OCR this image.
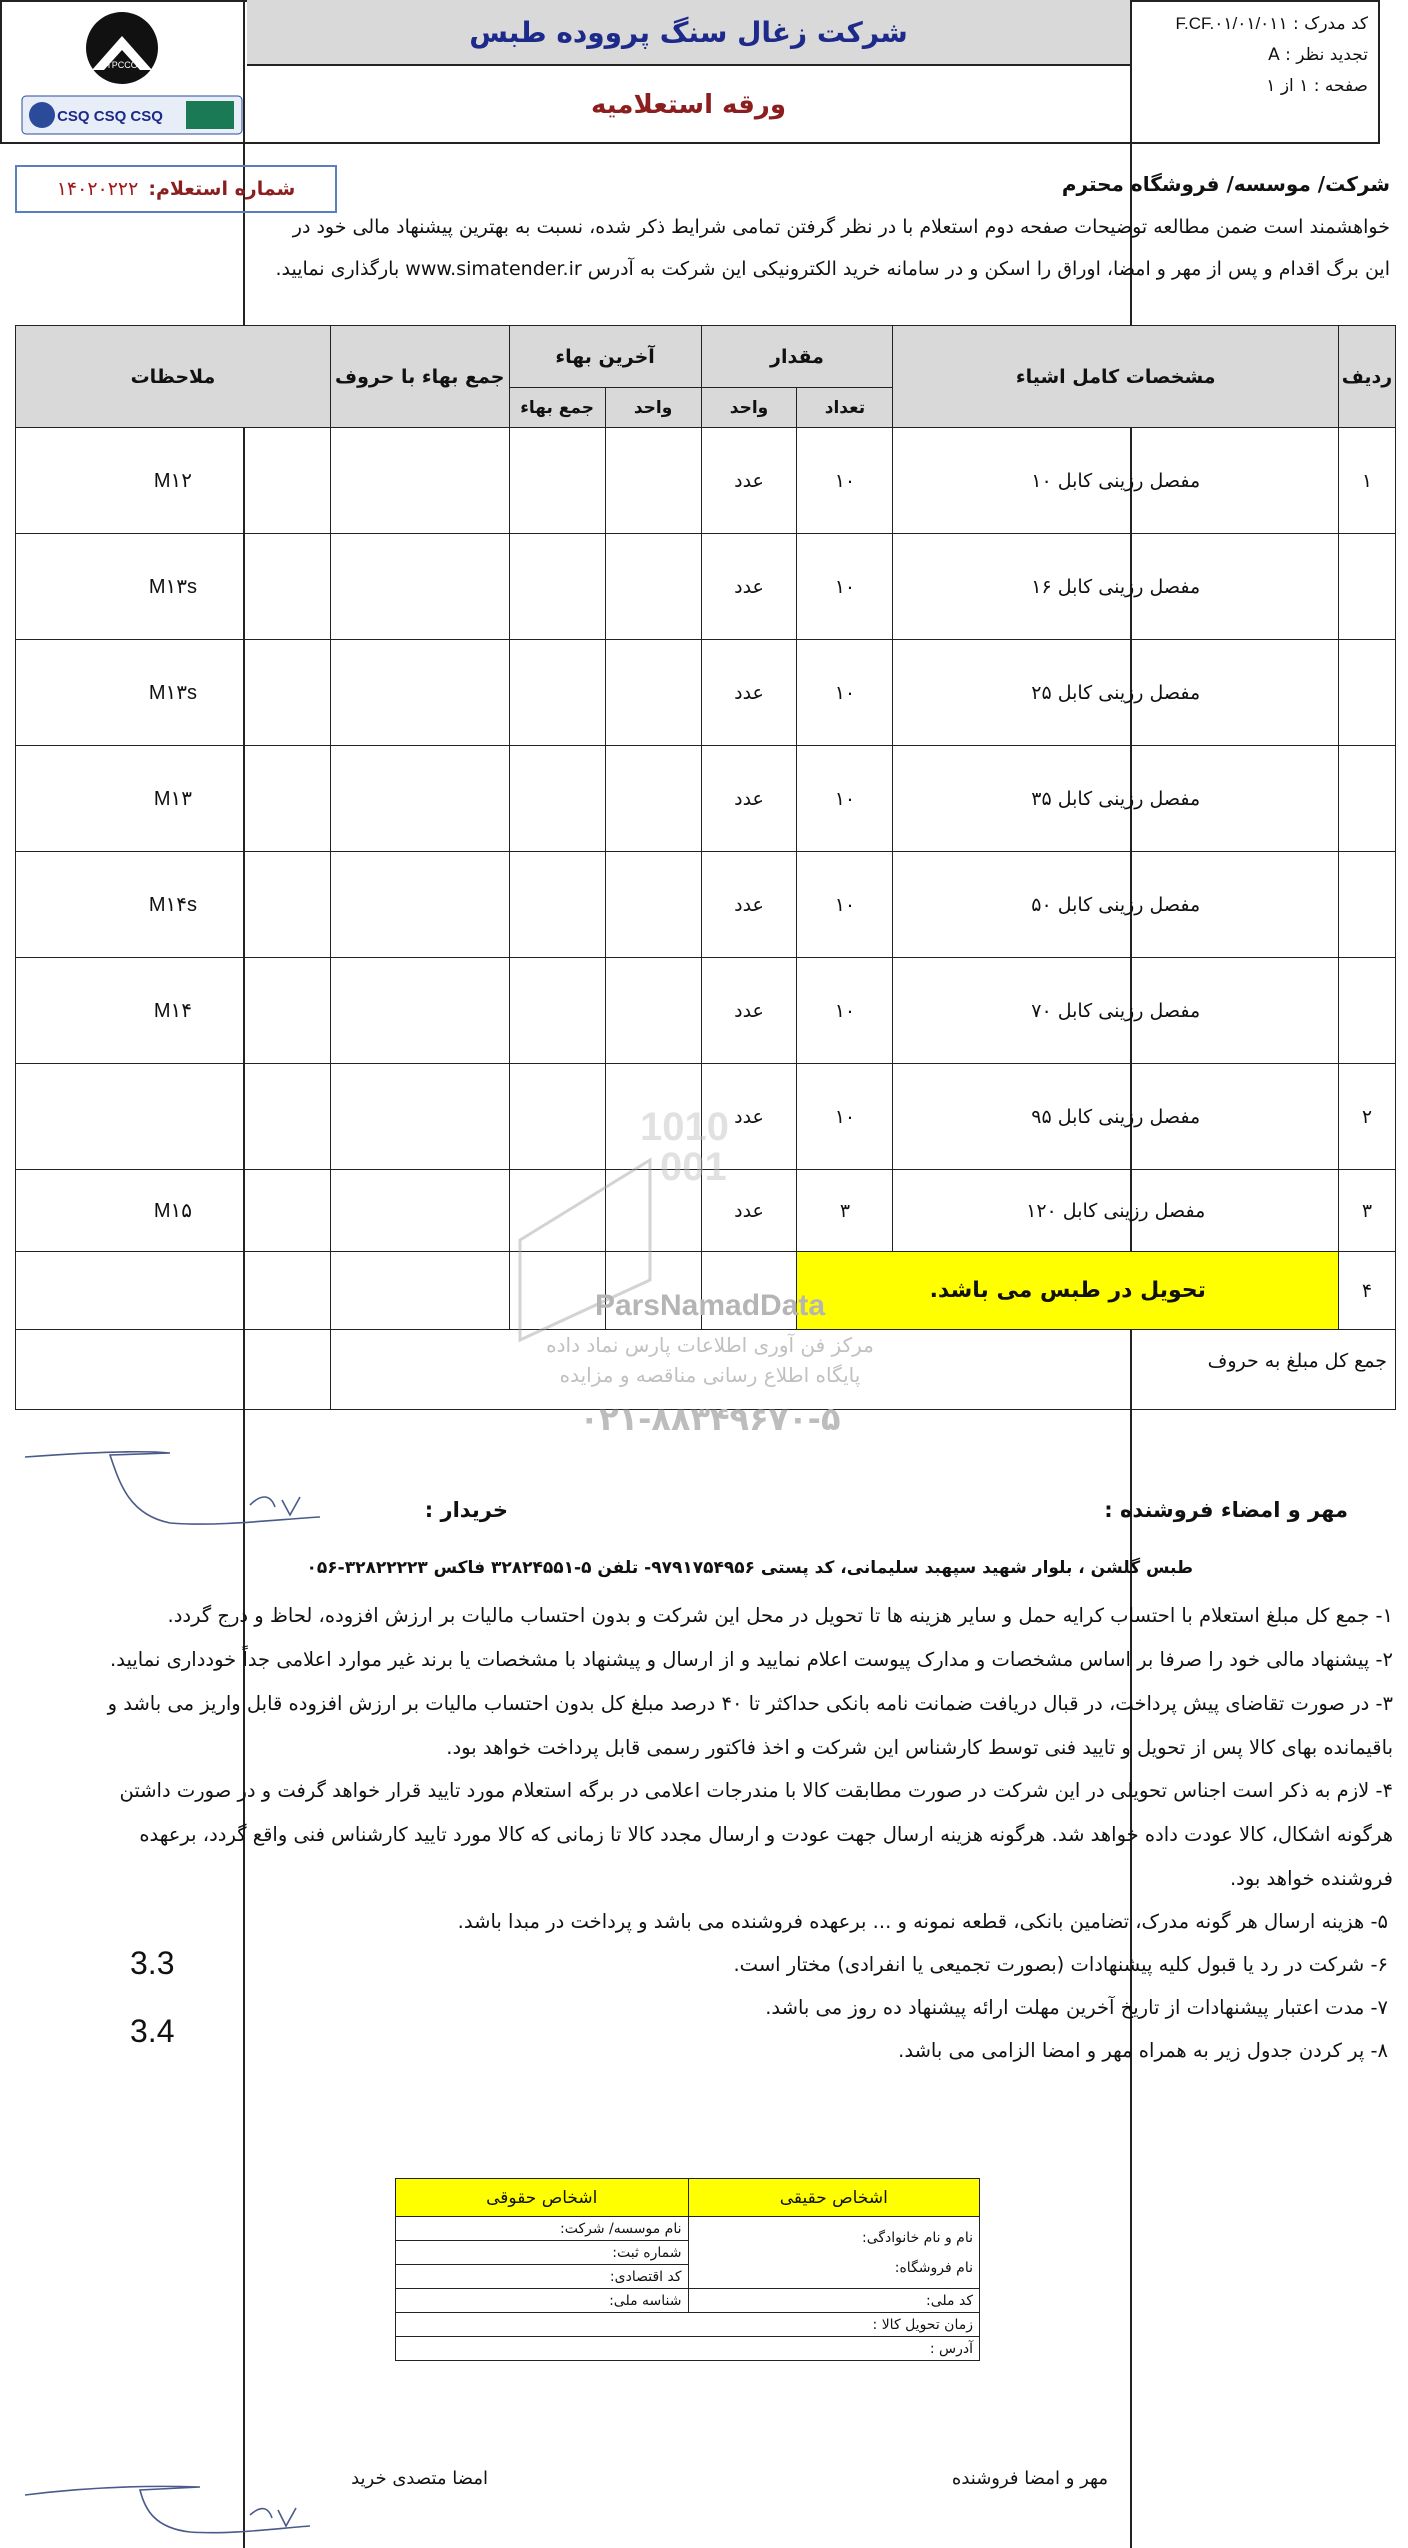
TPCCO
CSQ CSQ CSQ
شرکت زغال سنگ پرووده طبس
ورقه استعلامیه
کد مدرک : F.CF.۰۱/۰۱/۰۱۱
تجدید نظر : A
صفحه : ۱ از ۱
شماره استعلام:
۱۴۰۲۰۲۲۲	شرکت/ موسسه/ فروشگاه محترم
خواهشمند است ضمن مطالعه توضیحات صفحه دوم استعلام با در نظر گرفتن تمامی شرایط ذکر شده، نسبت به بهترین پیشنهاد مالی خود در
این برگ اقدام و پس از مهر و امضا، اوراق را اسکن و در سامانه خرید الکترونیکی این شرکت به آدرس www.simatender.ir بارگذاری نمایید.
ردیف	مشخصات کامل اشیاء	مقدار		آخرین بهاء		جمع بهاء با حروف	ملاحظات
		تعداد	واحد	واحد	جمع بهاء		
۱	مفصل رزینی کابل ۱۰	۱۰	عدد				M۱۲
	مفصل رزینی کابل ۱۶	۱۰	عدد				M۱۳s
	مفصل رزینی کابل ۲۵	۱۰	عدد				M۱۳s
	مفصل رزینی کابل ۳۵	۱۰	عدد				M۱۳
	مفصل رزینی کابل ۵۰	۱۰	عدد				M۱۴s
	مفصل رزینی کابل ۷۰	۱۰	عدد				M۱۴
۲	مفصل رزینی کابل ۹۵	۱۰	عدد				
۳	مفصل رزینی کابل ۱۲۰	۳	عدد				M۱۵
۴	تحویل در طبس می باشد.						
جمع کل مبلغ به حروف							
1010
001
ParsNamadData
مرکز فن آوری اطلاعات پارس نماد داده
پایگاه اطلاع رسانی مناقصه و مزایده
۰۲۱-۸۸۳۴۹۶۷۰-۵
مهر و امضاء فروشنده :
خریدار :
طبس گلشن ، بلوار شهید سپهبد سلیمانی، کد پستی ۹۷۹۱۷۵۴۹۵۶- تلفن ۵-۳۲۸۲۴۵۵۱ فاکس ۳۲۸۲۲۲۲۳-۰۵۶
۱- جمع کل مبلغ استعلام با احتساب کرایه حمل و سایر هزینه ها تا تحویل در محل این شرکت و بدون احتساب مالیات بر ارزش افزوده، لحاظ و درج گردد.
۲- پیشنهاد مالی خود را صرفا بر اساس مشخصات و مدارک پیوست اعلام نمایید و از ارسال و پیشنهاد با مشخصات یا برند غیر موارد اعلامی جداً خودداری نمایید.
۳- در صورت تقاضای پیش پرداخت، در قبال دریافت ضمانت نامه بانکی حداکثر تا ۴۰ درصد مبلغ کل بدون احتساب مالیات بر ارزش افزوده قابل واریز می باشد و
باقیمانده بهای کالا پس از تحویل و تایید فنی توسط کارشناس این شرکت و اخذ فاکتور رسمی قابل پرداخت خواهد بود.
۴- لازم به ذکر است اجناس تحویلی در این شرکت در صورت مطابقت کالا با مندرجات اعلامی در برگه استعلام مورد تایید قرار خواهد گرفت و در صورت داشتن
هرگونه اشکال، کالا عودت داده خواهد شد. هرگونه هزینه ارسال جهت عودت و ارسال مجدد کالا تا زمانی که کالا مورد تایید کارشناس فنی واقع گردد، برعهده
فروشنده خواهد بود.
۵- هزینه ارسال هر گونه مدرک، تضامین بانکی، قطعه نمونه و ... برعهده فروشنده می باشد و پرداخت در مبدا باشد.
۶- شرکت در رد یا قبول کلیه پیشنهادات (بصورت تجمیعی یا انفرادی) مختار است.
۷- مدت اعتبار پیشنهادات از تاریخ آخرین مهلت ارائه پیشنهاد ده روز می باشد.
۸- پر کردن جدول زیر به همراه مهر و امضا الزامی می باشد.
3.3
3.4
اشخاص حقیقی	اشخاص حقوقی

نام و نام خانوادگی:
نام فروشگاه:	نام موسسه/ شرکت:
	شماره ثبت:
	کد اقتصادی:
کد ملی:	شناسه ملی:
زمان تحویل کالا :	
آدرس :	
مهر و امضا فروشنده
امضا متصدی خرید
